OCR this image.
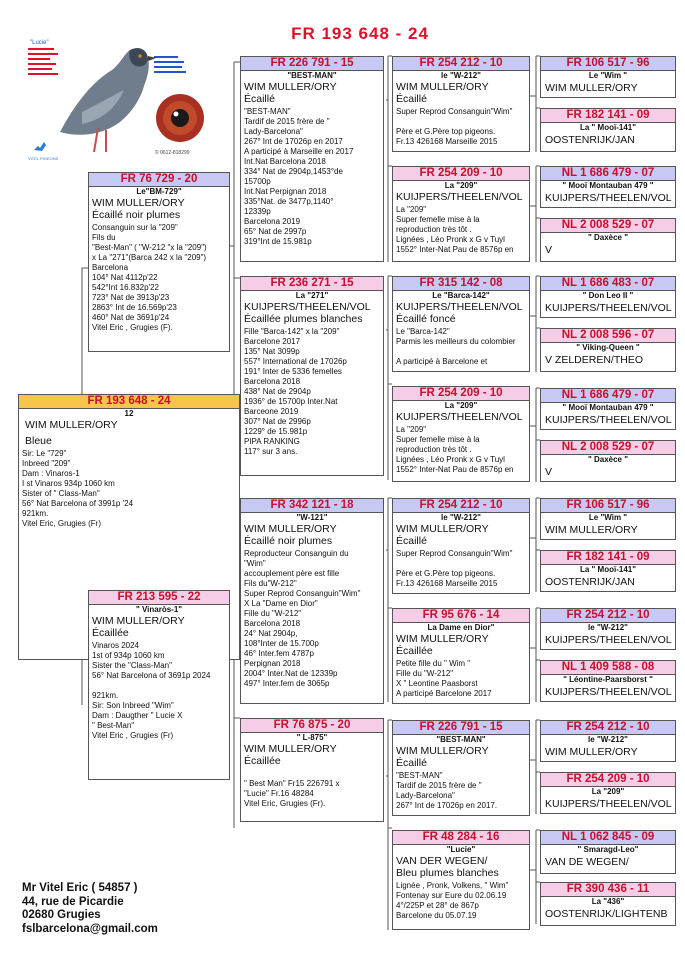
FR 193 648 - 24
"Lucie"
© 0612-818299
VITEL PIGEONS
FR 193 648 - 24
12
WIM MULLER/ORY
Bleue
Sir: Le "729"
Inbreed "209"
Dam : Vinaros-1
I st Vinaros 934p 1060 km
Sister of " Class-Man"
56° Nat Barcelona of 3991p '24
921km.
Vitel Eric, Grugies (Fr)
FR 76 729 - 20
Le"BM-729"
WIM MULLER/ORY
Écaillé noir plumes
Consanguin sur la "209"
Fils du
"Best-Man" ( "W-212 "x la "209")
x La "271"(Barca 242 x la "209")
Barcelona
104° Nat 4112p'22
542°Int 16.832p'22
723° Nat de 3913p'23
2863° Int de 16.569p'23
460° Nat de 3691p'24
Vitel Eric , Grugies (F).
FR 213 595 - 22
" Vinaròs-1"
WIM MULLER/ORY
Écaillée
Vinaros 2024
1st of 934p 1060 km
Sister the "Class-Man"
56° Nat Barcelona of 3691p 2024

921km.
Sir: Son Inbreed "Wim"
Dam : Daugther " Lucie X
" Best-Man"
Vitel Eric , Grugies (Fr)
FR 226 791 - 15
"BEST-MAN"
WIM MULLER/ORY
Écaillé
"BEST-MAN"
Tardif de 2015 frère de "
Lady-Barcelona"
267° Int de 17026p en 2017
A participé à Marseille en 2017
Int.Nat Barcelona 2018
334° Nat de 2904p,1453°de
15700p
Int.Nat Perpignan 2018
335°Nat. de 3477p,1140°
12339p
Barcelona 2019
65° Nat de 2997p
319°Int de 15.981p
FR 236 271 - 15
La "271"
KUIJPERS/THEELEN/VOL
Écaillée plumes blanches
Fille "Barca-142" x la "209"
Barcelone 2017
135° Nat 3099p
557° International de 17026p
191° Inter de 5336 femelles
Barcelona 2018
438° Nat de 2904p
1936° de 15700p Inter.Nat
Barceone 2019
307° Nat de 2996p
1229° de 15.981p
PIPA RANKING
117° sur 3 ans.
FR 342 121 - 18
"W-121"
WIM MULLER/ORY
Écaillé noir plumes
Reproducteur Consanguin du
"Wim"
accouplement père est fille
Fils du"W-212"
Super Reprod Consanguin"Wim"
X La "Dame en Dior"
Fille du "W-212"
Barcelona 2018
24° Nat 2904p,
108°Inter de 15.700p
46° Inter.fem 4787p
Perpignan 2018
2004° Inter.Nat de 12339p
497° Inter.fem de 3065p
FR 76 875 - 20
" L-875"
WIM MULLER/ORY
Écaillée

" Best Man" Fr15 226791 x
"Lucie" Fr.16 48284
Vitel Eric, Grugies (Fr).
FR 254 212 - 10
le "W-212"
WIM MULLER/ORY
Écaillé
Super Reprod Consanguin"Wim"

Père et G.Père top pigeons.
Fr.13 426168 Marseille 2015
FR 254 209 - 10
La "209"
KUIJPERS/THEELEN/VOL
La "209"
Super femelle mise à la
reproduction très tôt .
Lignées , Léo Pronk x G v Tuyl
1552° Inter-Nat Pau de 8576p en
FR 315 142 - 08
Le "Barca-142"
KUIJPERS/THEELEN/VOL
Écaillé foncé
Le "Barca-142"
Parmis les meilleurs du colombier

A participé à Barcelone et
FR 254 209 - 10
La "209"
KUIJPERS/THEELEN/VOL
La "209"
Super femelle mise à la
reproduction très tôt .
Lignées , Léo Pronk x G v Tuyl
1552° Inter-Nat Pau de 8576p en
FR 254 212 - 10
le "W-212"
WIM MULLER/ORY
Écaillé
Super Reprod Consanguin"Wim"

Père et G.Père top pigeons.
Fr.13 426168 Marseille 2015
FR 95 676 - 14
La Dame en Dior"
WIM MULLER/ORY
Écaillée
Petite fille du " Wim "
Fille du "W-212"
X " Leontine Paasborst
A participé Barcelone 2017
FR 226 791 - 15
"BEST-MAN"
WIM MULLER/ORY
Écaillé
"BEST-MAN"
Tardif de 2015 frère de "
Lady-Barcelona"
267° Int de 17026p en 2017.
FR 48 284 - 16
"Lucie"
VAN DER WEGEN/
Bleu plumes blanches
Lignée , Pronk, Volkens, " Wim"
Fontenay sur Eure du 02.06.19
4°/225P et 28° de 867p
Barcelone du 05.07.19
FR 106 517 - 96
Le "Wim "
WIM MULLER/ORY
FR 182 141 - 09
La " Mooï-141"
OOSTENRIJK/JAN
NL 1 686 479 - 07
" Mooï Montauban 479 "
KUIJPERS/THEELEN/VOL
NL 2 008 529 - 07
" Daxèce "
V
NL 1 686 483 - 07
" Don Leo II "
KUIJPERS/THEELEN/VOL
NL 2 008 596 - 07
" Viking-Queen "
V ZELDEREN/THEO
NL 1 686 479 - 07
" Mooï Montauban 479 "
KUIJPERS/THEELEN/VOL
NL 2 008 529 - 07
" Daxèce "
V
FR 106 517 - 96
Le "Wim "
WIM MULLER/ORY
FR 182 141 - 09
La " Mooï-141"
OOSTENRIJK/JAN
FR 254 212 - 10
le "W-212"
KUIJPERS/THEELEN/VOL
NL 1 409 588 - 08
" Léontine-Paarsborst "
KUIJPERS/THEELEN/VOL
FR 254 212 - 10
le "W-212"
WIM MULLER/ORY
FR 254 209 - 10
La "209"
KUIJPERS/THEELEN/VOL
NL 1 062 845 - 09
" Smaragd-Leo"
VAN DE WEGEN/
FR 390 436 - 11
La "436"
OOSTENRIJK/LIGHTENB
Mr Vitel Eric ( 54857 )
44, rue de Picardie
02680 Grugies
fslbarcelona@gmail.com
